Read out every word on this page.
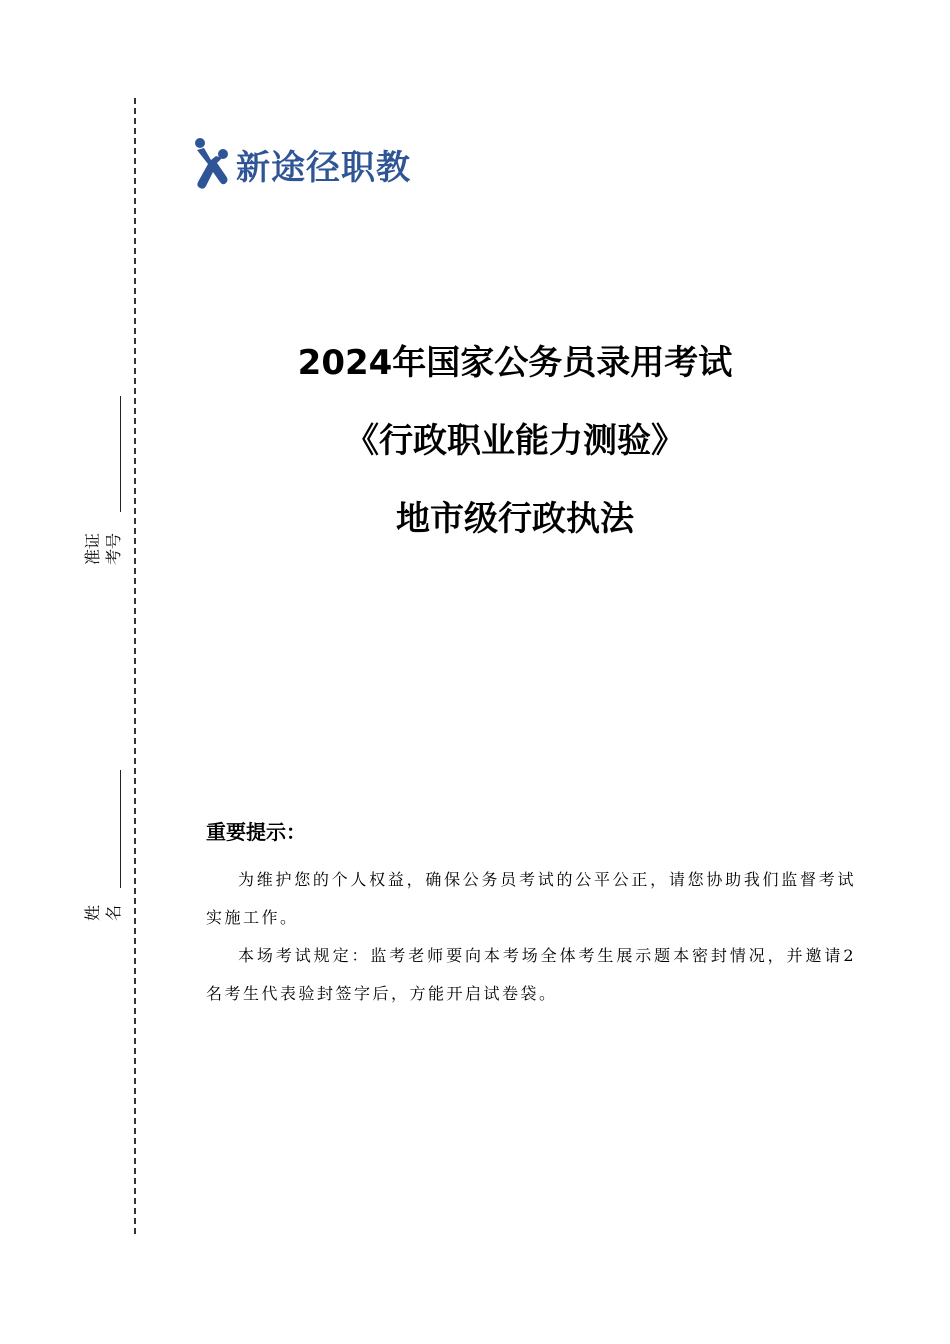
准证
考号
姓
名
新途径职教
2024年国家公务员录用考试
《行政职业能力测验》
地市级行政执法
重要提示：

为维护您的个人权益，确保公务员考试的公平公正，请您协助我们监督考试实施工作。

本场考试规定：监考老师要向本考场全体考生展示题本密封情况，并邀请2名考生代表验封签字后，方能开启试卷袋。
